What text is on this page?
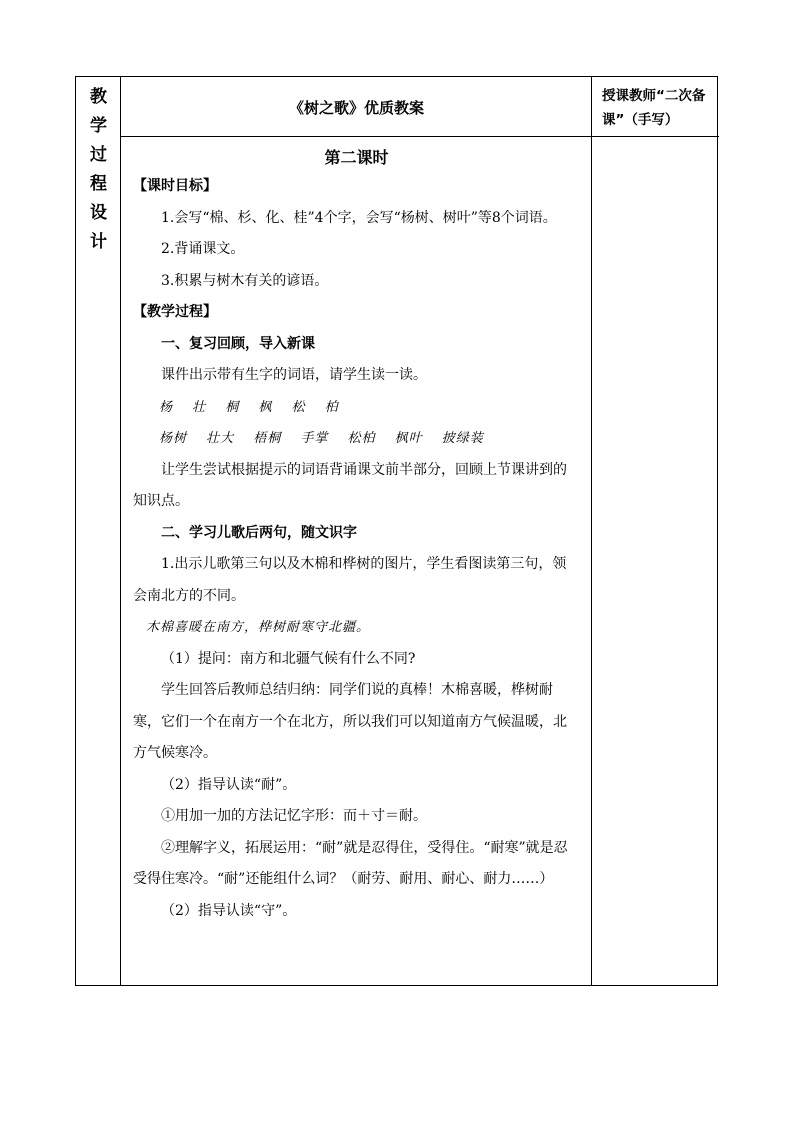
教
学
过
程
设
计
《树之歌》优质教案
授课教师“二次备课”（手写）
第二课时

【课时目标】

1.会写“棉、杉、化、桂”4个字，会写“杨树、树叶”等8个词语。

2.背诵课文。

3.积累与树木有关的谚语。

【教学过程】

一、复习回顾，导入新课

课件出示带有生字的词语，请学生读一读。

杨 壮 桐 枫 松 柏

杨树 壮大 梧桐 手掌 松柏 枫叶 披绿装

让学生尝试根据提示的词语背诵课文前半部分，回顾上节课讲到的知识点。

二、学习儿歌后两句，随文识字

1.出示儿歌第三句以及木棉和桦树的图片，学生看图读第三句，领会南北方的不同。

木棉喜暖在南方，桦树耐寒守北疆。

（1）提问：南方和北疆气候有什么不同?

学生回答后教师总结归纳：同学们说的真棒！木棉喜暖，桦树耐寒，它们一个在南方一个在北方，所以我们可以知道南方气候温暖，北方气候寒冷。

（2）指导认读“耐”。

①用加一加的方法记忆字形：而＋寸＝耐。

②理解字义，拓展运用：“耐”就是忍得住，受得住。“耐寒”就是忍受得住寒冷。“耐”还能组什么词？（耐劳、耐用、耐心、耐力……）

（2）指导认读“守”。
